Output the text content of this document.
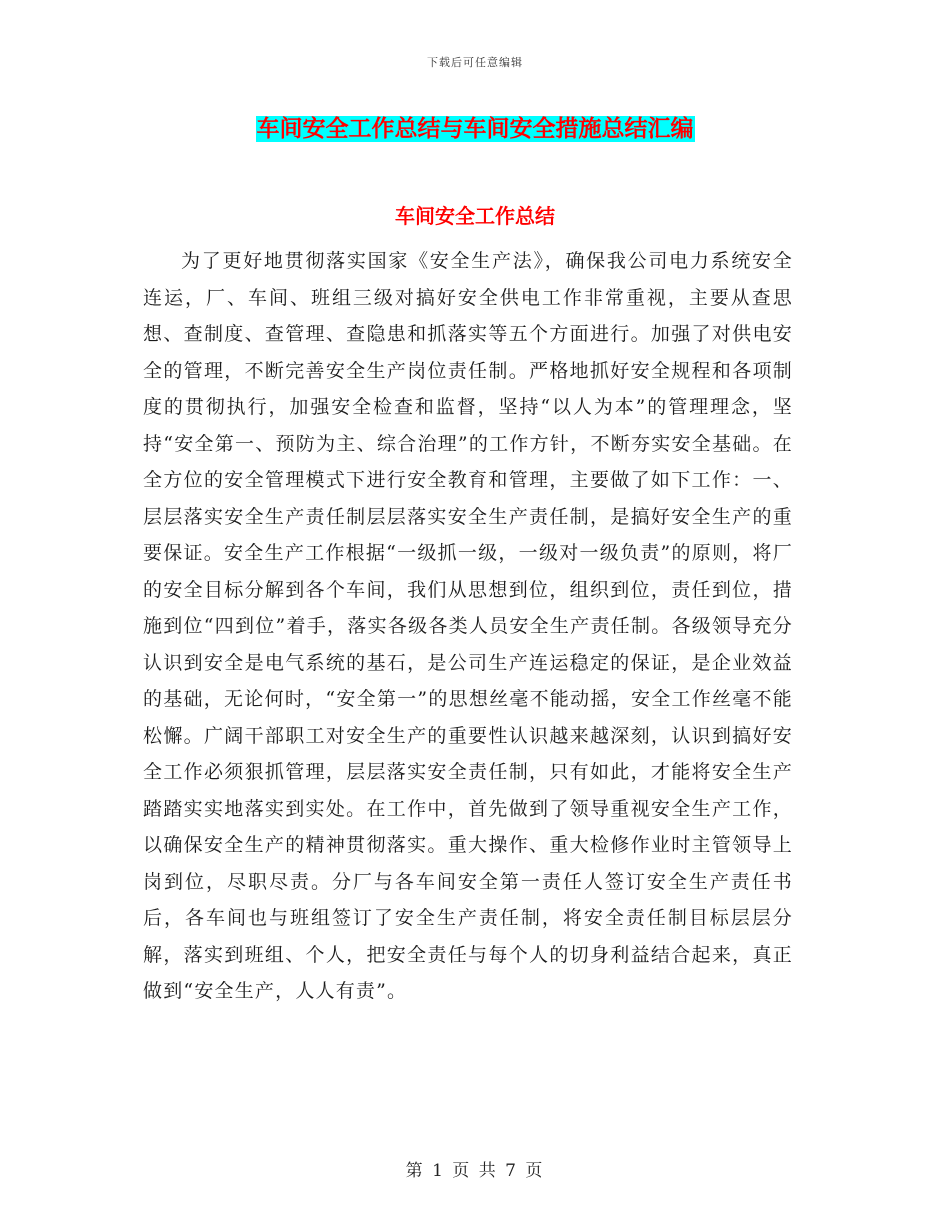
下载后可任意编辑
车间安全工作总结与车间安全措施总结汇编
车间安全工作总结

为了更好地贯彻落实国家《安全生产法》，确保我公司电力系统安全连运，厂、车间、班组三级对搞好安全供电工作非常重视，主要从查思想、查制度、查管理、查隐患和抓落实等五个方面进行。加强了对供电安全的管理，不断完善安全生产岗位责任制。严格地抓好安全规程和各项制度的贯彻执行，加强安全检查和监督，坚持“以人为本”的管理理念，坚持“安全第一、预防为主、综合治理”的工作方针，不断夯实安全基础。在全方位的安全管理模式下进行安全教育和管理，主要做了如下工作：一、层层落实安全生产责任制层层落实安全生产责任制，是搞好安全生产的重要保证。安全生产工作根据“一级抓一级，一级对一级负责”的原则，将厂的安全目标分解到各个车间，我们从思想到位，组织到位，责任到位，措施到位“四到位”着手，落实各级各类人员安全生产责任制。各级领导充分认识到安全是电气系统的基石，是公司生产连运稳定的保证，是企业效益的基础，无论何时，“安全第一”的思想丝毫不能动摇，安全工作丝毫不能松懈。广阔干部职工对安全生产的重要性认识越来越深刻，认识到搞好安全工作必须狠抓管理，层层落实安全责任制，只有如此，才能将安全生产踏踏实实地落实到实处。在工作中，首先做到了领导重视安全生产工作，以确保安全生产的精神贯彻落实。重大操作、重大检修作业时主管领导上岗到位，尽职尽责。分厂与各车间安全第一责任人签订安全生产责任书后，各车间也与班组签订了安全生产责任制，将安全责任制目标层层分解，落实到班组、个人，把安全责任与每个人的切身利益结合起来，真正做到“安全生产，人人有责”。

第 1 页 共 7 页
